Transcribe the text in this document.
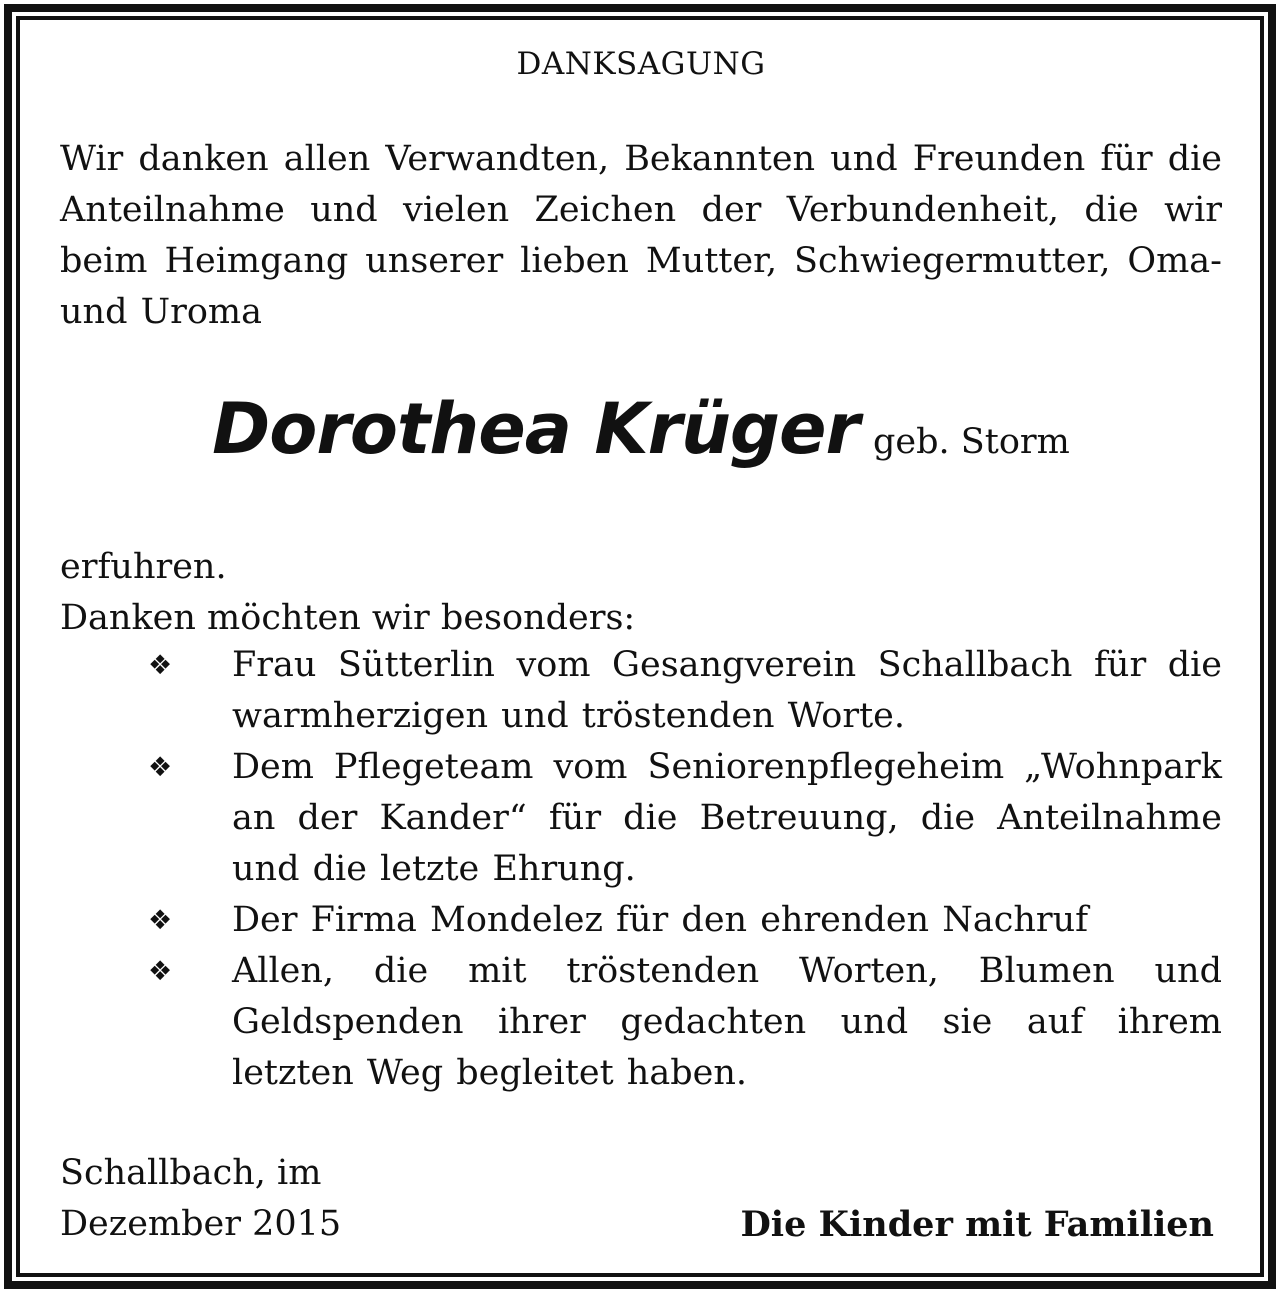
DANKSAGUNG
Wir danken allen Verwandten, Bekannten und Freunden für die Anteilnahme und vielen Zeichen der Verbundenheit, die wir beim Heimgang unserer lieben Mutter, Schwiegermutter, Oma- und Uroma
Dorothea Krüger geb. Storm
erfuhren.
Danken möchten wir besonders:
❖ Frau Sütterlin vom Gesangverein Schallbach für die warmherzigen und tröstenden Worte.
❖ Dem Pflegeteam vom Seniorenpflegeheim „Wohnpark an der Kander“ für die Betreuung, die Anteilnahme und die letzte Ehrung.
❖ Der Firma Mondelez für den ehrenden Nachruf
❖ Allen, die mit tröstenden Worten, Blumen und Geldspenden ihrer gedachten und sie auf ihrem letzten Weg begleitet haben.
Schallbach, im
Dezember 2015	Die Kinder mit Familien
